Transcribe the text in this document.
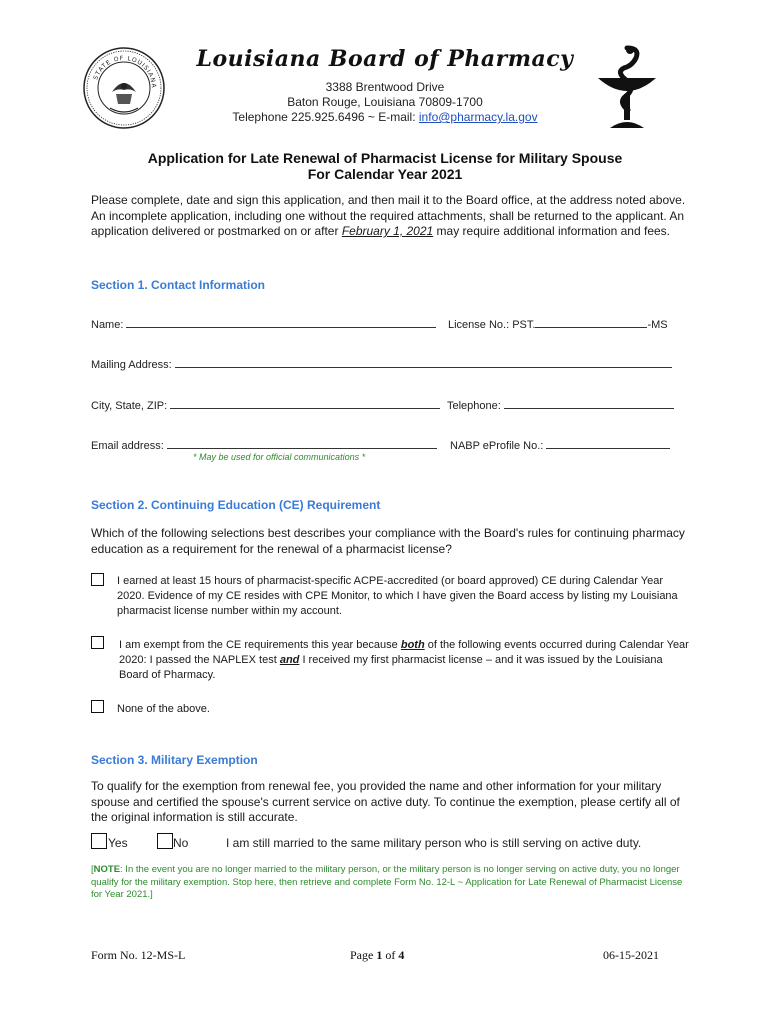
STATE OF LOUISIANA
Louisiana Board of Pharmacy
3388 Brentwood Drive
Baton Rouge, Louisiana 70809-1700
Telephone 225.925.6496 ~ E-mail: info@pharmacy.la.gov
Application for Late Renewal of Pharmacist License for Military Spouse
For Calendar Year 2021
Please complete, date and sign this application, and then mail it to the Board office, at the address noted above. An incomplete application, including one without the required attachments, shall be returned to the applicant. An application delivered or postmarked on or after February 1, 2021 may require additional information and fees.
Section 1. Contact Information
Name:	License No.: PST.	-MS
Mailing Address:
City, State, ZIP:	Telephone:
Email address:	NABP eProfile No.:
* May be used for official communications *
Section 2. Continuing Education (CE) Requirement
Which of the following selections best describes your compliance with the Board's rules for continuing pharmacy education as a requirement for the renewal of a pharmacist license?
I earned at least 15 hours of pharmacist-specific ACPE-accredited (or board approved) CE during Calendar Year 2020. Evidence of my CE resides with CPE Monitor, to which I have given the Board access by listing my Louisiana pharmacist license number within my account.
I am exempt from the CE requirements this year because both of the following events occurred during Calendar Year 2020: I passed the NAPLEX test and I received my first pharmacist license – and it was issued by the Louisiana Board of Pharmacy.
None of the above.
Section 3. Military Exemption
To qualify for the exemption from renewal fee, you provided the name and other information for your military spouse and certified the spouse's current service on active duty. To continue the exemption, please certify all of the original information is still accurate.
Yes	No	I am still married to the same military person who is still serving on active duty.
[NOTE: In the event you are no longer married to the military person, or the military person is no longer serving on active duty, you no longer qualify for the military exemption. Stop here, then retrieve and complete Form No. 12-L ~ Application for Late Renewal of Pharmacist License for Year 2021.]
Form No. 12-MS-L	Page 1 of 4	06-15-2021
